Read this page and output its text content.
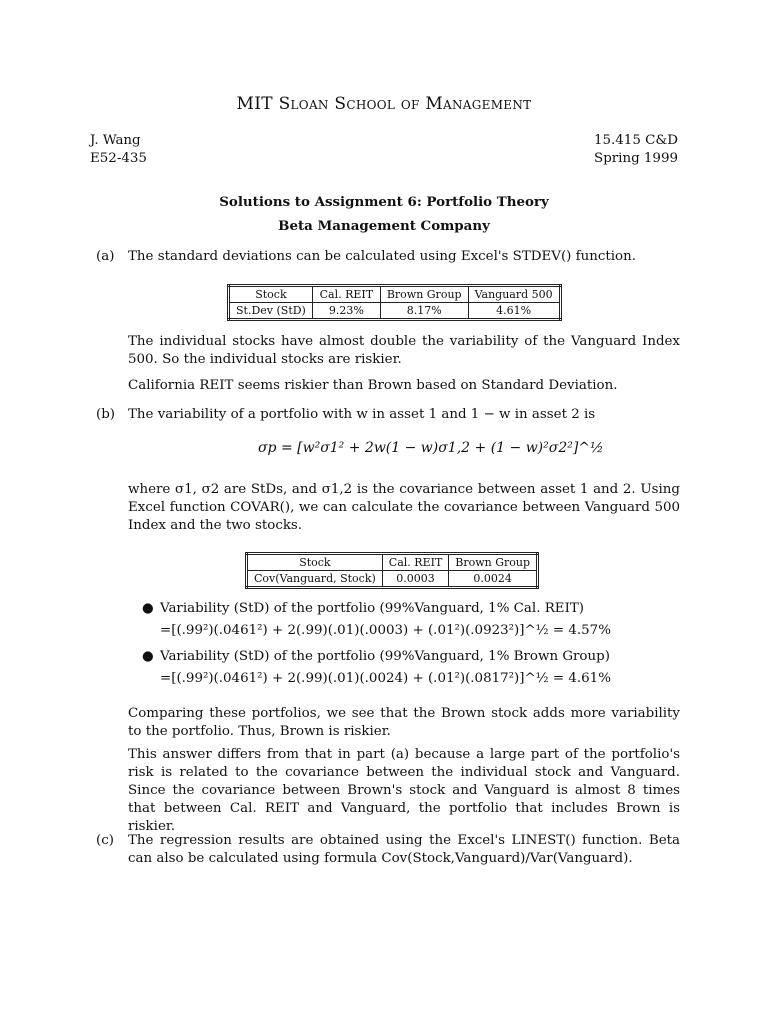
MIT Sloan School of Management
J. Wang
E52-435
15.415 C&D
Spring 1999
Solutions to Assignment 6: Portfolio Theory
Beta Management Company
(a) The standard deviations can be calculated using Excel's STDEV() function.
Stock	Cal. REIT	Brown Group	Vanguard 500
St.Dev (StD)	9.23%	8.17%	4.61%
The individual stocks have almost double the variability of the Vanguard Index 500. So the individual stocks are riskier.
California REIT seems riskier than Brown based on Standard Deviation.
(b) The variability of a portfolio with w in asset 1 and 1 − w in asset 2 is
σp = [w²σ1² + 2w(1 − w)σ1,2 + (1 − w)²σ2²]^½
where σ1, σ2 are StDs, and σ1,2 is the covariance between asset 1 and 2. Using Excel function COVAR(), we can calculate the covariance between Vanguard 500 Index and the two stocks.
Stock	Cal. REIT	Brown Group
Cov(Vanguard, Stock)	0.0003	0.0024
● Variability (StD) of the portfolio (99%Vanguard, 1% Cal. REIT)
=[(.99²)(.0461²) + 2(.99)(.01)(.0003) + (.01²)(.0923²)]^½ = 4.57%
● Variability (StD) of the portfolio (99%Vanguard, 1% Brown Group)
=[(.99²)(.0461²) + 2(.99)(.01)(.0024) + (.01²)(.0817²)]^½ = 4.61%
Comparing these portfolios, we see that the Brown stock adds more variability to the portfolio. Thus, Brown is riskier.
This answer differs from that in part (a) because a large part of the portfolio's risk is related to the covariance between the individual stock and Vanguard. Since the covariance between Brown's stock and Vanguard is almost 8 times that between Cal. REIT and Vanguard, the portfolio that includes Brown is riskier.
(c)	The regression results are obtained using the Excel's LINEST() function. Beta can also be calculated using formula Cov(Stock,Vanguard)/Var(Vanguard).
